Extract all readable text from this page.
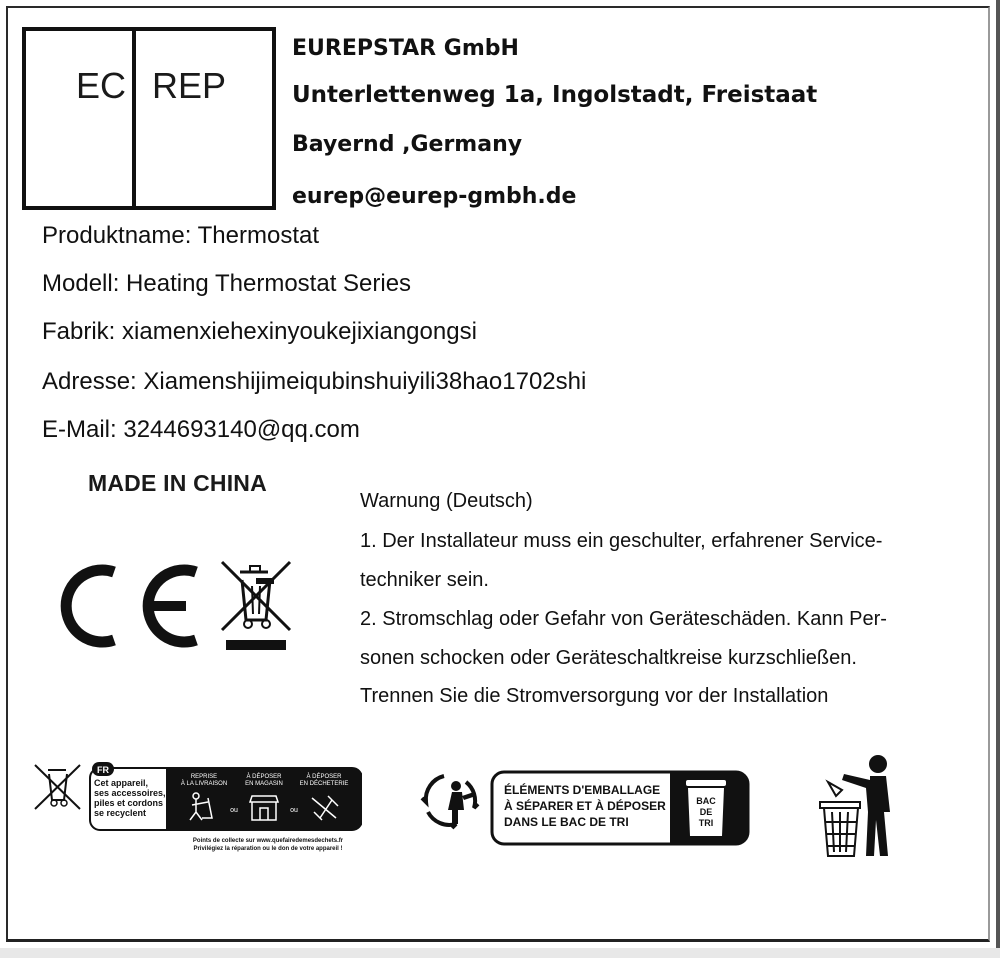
EC REP
EUREPSTAR GmbH
Unterlettenweg 1a, Ingolstadt, Freistaat
Bayernd ,Germany
eurep@eurep-gmbh.de
Produktname: Thermostat
Modell: Heating Thermostat Series
Fabrik: xiamenxiehexinyoukejixiangongsi
Adresse: Xiamenshijimeiqubinshuiyili38hao1702shi
E-Mail: 3244693140@qq.com
MADE IN CHINA
Warnung (Deutsch)
1. Der Installateur muss ein geschulter, erfahrener Service-
techniker sein.
2. Stromschlag oder Gefahr von Geräteschäden. Kann Per-
sonen schocken oder Geräteschaltkreise kurzschließen.
Trennen Sie die Stromversorgung vor der Installation
FR
Cet appareil,
ses accessoires,
piles et cordons
se recyclent
REPRISE
À LA LIVRAISON
À DÉPOSER
EN MAGASIN
À DÉPOSER
EN DÉCHETERIE
ou	ou
Points de collecte sur www.quefairedemesdechets.fr
Privilégiez la réparation ou le don de votre appareil !
ÉLÉMENTS D'EMBALLAGE
À SÉPARER ET À DÉPOSER
DANS LE BAC DE TRI
BAC
DE
TRI
